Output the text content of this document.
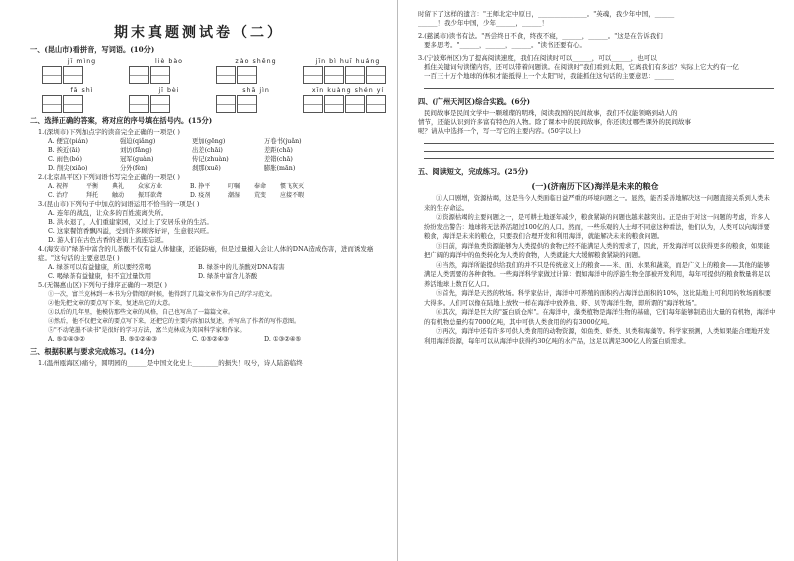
期末真题测试卷（二）
一、(昆山市)看拼音，写词语。(10分)
jī mìng	liè bào	zào shēng	jīn bì huī huáng
fā shì	jī bèi	shā jìn	xīn kuàng shén yí
二、选择正确的答案，将对应的序号填在括号内。(15分)
1.(深圳市)下列加点字的读音完全正确的一项是( )
A. 便宜(pián)	强迫(qiǎng)	更加(gēng)	万卷书(juǎn)
B. 挨近(āi)	刘访(fǎng)	出差(chāi)	差距(chā)
C. 雨色(bó)	冠军(guàn)	传记(zhuàn)	差错(chā)
D. 削尖(xiāo)	分外(fèn)	刹那(xuē)	膨胀(mān)
2.(北京昌平区)下列词语书写完全正确的一项是( )
A. 祝挥	平衡	典礼	众家方业	B. 挣平	叮嘱	奉命	惯飞灰灭
C. 治疗	拜托	触动	振耳欲聋	D. 疫剂	潮湿	荒变	应接不暇
3.(昆山市)下列句子中加点的词语运用不恰当的一项是( )
A. 连年的战乱，让众多的百姓流离失所。
B. 洪水退了，人们重建家园，又过上了安居乐业的生活。
C. 这家餐馆香飘四溢，受到许多顾客好评，生意很兴旺。
D. 游人们在古色古香的老街上流连忘返。
4.(海安市)"绿茶中富含的儿茶酸不仅有益人体健康，还能防癌，但是过量摄入会让人体的DNA造成伤害，进而诱发癌症。"这句话的主要意思是( )
A. 绿茶可以有益健康，所以要经常喝	B. 绿茶中的儿茶酸对DNA有害
C. 喝绿茶有益健康，但不宜过量饮用	D. 绿茶中富含儿茶酸
5.(无锡惠山区)下列句子排序正确的一项是( )
①一次，富兰克林到一本书为分借阅的时候，他得到了几篇文章作为自己的学习范文。
②他先把文章的要点写下来，复述出它的大意。
③以后的几年里，他模仿那些文章的风格，自己也写出了一篇篇文章。
④然后，他不仅把文章的要点写下来，还把它的主要内容加以复述，并写出了作者的写作意图。
⑤"不动笔墨不读书"是很好的学习方法，富兰克林成为美国科学家和作家。
A. ⑤①④③②	B. ⑤①②④③	C. ①⑤②④③	D. ①③②④⑤
三、根据积累与要求完成练习。(14分)
1.(温州瓯海区)痛兮，圆明园的______是中国文化史上________的损失！叹兮，诗人陆游临终
时留下了这样的遗言："王师北定中原日，_______________。"英魂，我少年中国，______
______！我少年中国，少年______，______！
2.(慈溪市)读书有法。"吾尝终日不食，终夜不寝，______，______。"这是在告诉我们
要多思考。"______，______，______。"读书还要有心。
3.(宁波郑州区)为了提高阅读速度，我们在阅读时可以______，可以______，也可以
抓住关键词句读懂内容，还可以带着问题读。在阅读时"我们看到太阳，它离我们有多远？实际上它大约有一亿
一百三十万个地球的体积才能抵得上一个太阳"时，我能抓住这句话的主要意思：______
四、(广州天河区)综合实践。(6分)
民间故事是民间文学中一颗璀璨的明珠，阅读我国的民间故事，我们不仅能领略到动人的
情节，还能认识到许多富有特色的人物。除了课本中的民间故事，你还读过哪些课外的民间故事
呢？请从中选择一个，写一写它的主要内容。(50字以上)
五、阅读短文，完成练习。(25分)
(一)(济南历下区)海洋是未来的粮仓
①人口剧增，资源枯竭，这是当今人类面临日益严重的环境问题之一。显然，能否妥善地解决这一问题直接关系到人类未来的生存命运。
②资源枯竭的主要问题之一，是可耕土地逐年减少，粮食紧缺的问题也越来越突出。正是由于对这一问题的考虑，许多人纷纷发出警告：地球将无法养活超过100亿的人口。然而，一些乐观的人士却不同意这种看法，他们认为，人类可以向海洋要粮食，海洋是未来的粮仓，只要我们合理开发和利用海洋，就能解决未来的粮食问题。
③目前，海洋鱼类资源能够为人类提供的食物已经不能满足人类的需求了，因此，开发海洋可以获得更多的粮食，如果能把广阔的海洋中的鱼类转化为人类的食物，人类就能大大缓解粮食紧缺的问题。
④当然，海洋所能提供给我们的并不只是传统意义上的粮食——米、面、水果和蔬菜，而是广义上的粮食——其他的能够满足人类需要的各种食物。一些海洋科学家做过计算：假如海洋中的浮游生物全部被开发利用，每年可提供的粮食数量将足以养活地球上数百亿人口。
⑤首先，海洋是天然的牧场。科学家估计，海洋中可养殖的面积约占海洋总面积的10%，这比陆地上可利用的牧场面积要大得多。人们可以像在陆地上放牧一样在海洋中放养鱼、虾、贝等海洋生物，即所谓的"海洋牧场"。
⑥其次，海洋是巨大的"蛋白质仓库"。在海洋中，藻类植物是海洋生物的基础，它们每年能够制造出大量的有机物，海洋中的有机物总量约有7000亿吨，其中可供人类食用的约有3000亿吨。
⑦再次，海洋中还有许多可供人类食用的动物资源，如鱼类、虾类、贝类和海藻等。科学家预测，人类如果能合理地开发利用海洋资源，每年可以从海洋中获得约30亿吨的水产品，这足以满足300亿人的蛋白质需求。
